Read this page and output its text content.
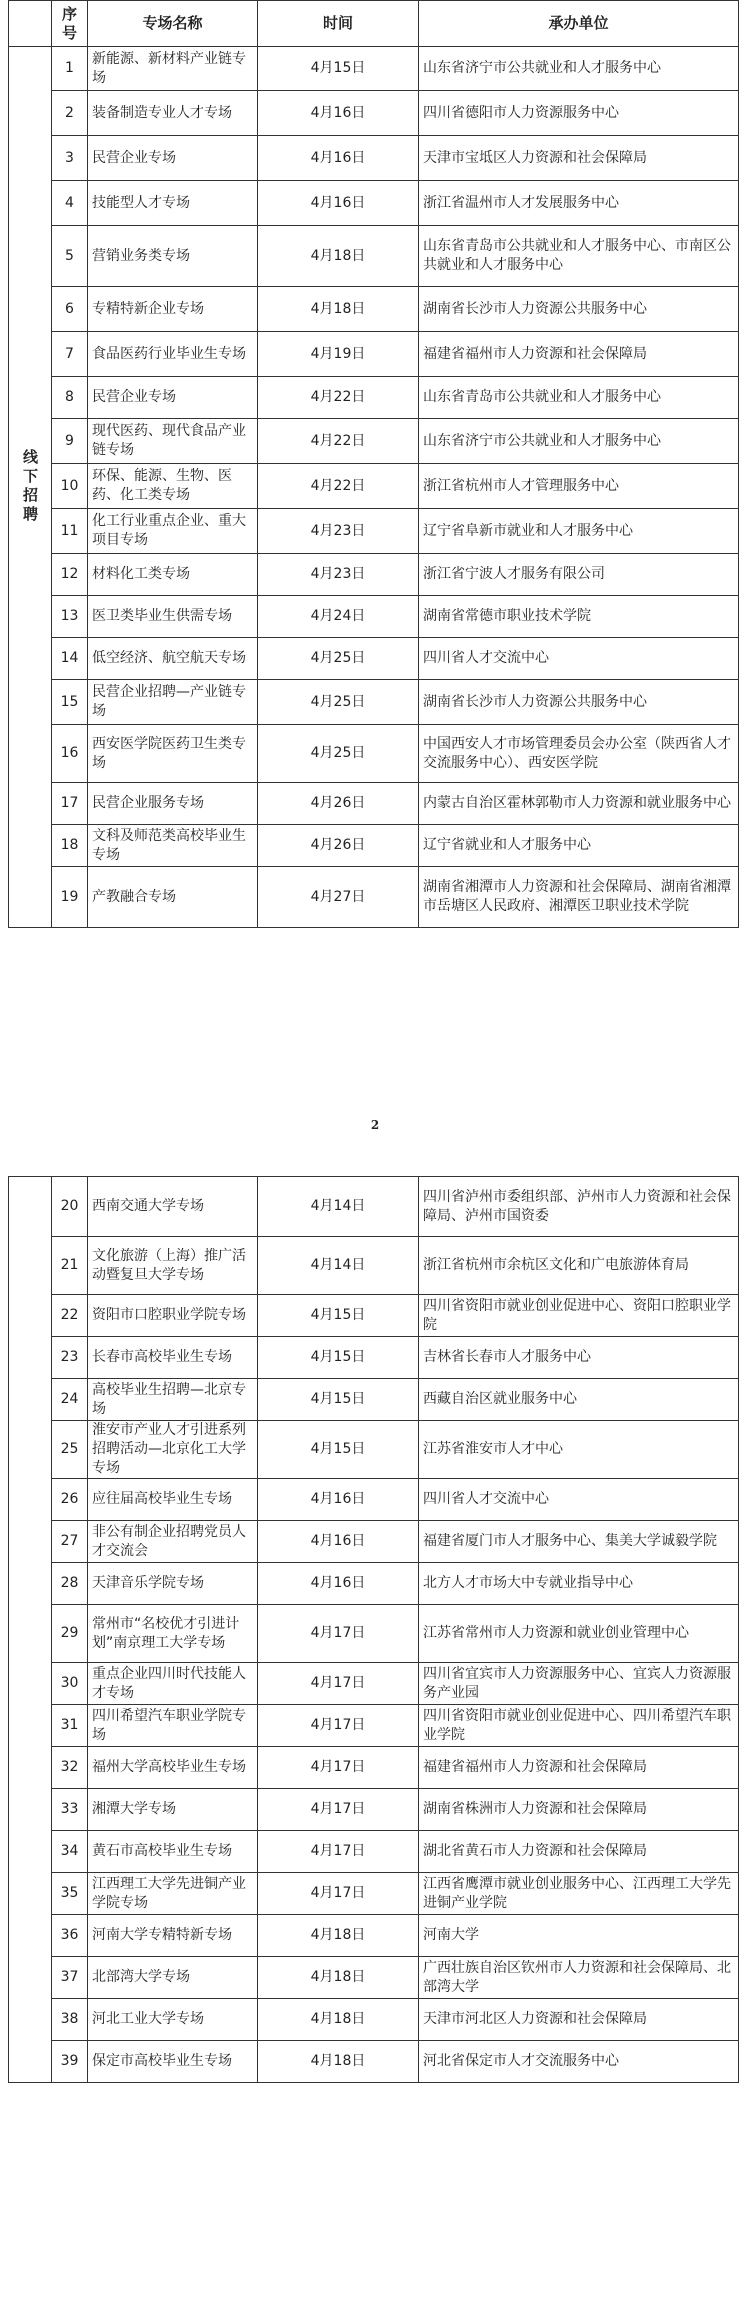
	序号	专场名称	时间	承办单位
线下招聘	1	新能源、新材料产业链专场	4月15日	山东省济宁市公共就业和人才服务中心
	2	装备制造专业人才专场	4月16日	四川省德阳市人力资源服务中心
	3	民营企业专场	4月16日	天津市宝坻区人力资源和社会保障局
	4	技能型人才专场	4月16日	浙江省温州市人才发展服务中心
	5	营销业务类专场	4月18日	山东省青岛市公共就业和人才服务中心、市南区公共就业和人才服务中心
	6	专精特新企业专场	4月18日	湖南省长沙市人力资源公共服务中心
	7	食品医药行业毕业生专场	4月19日	福建省福州市人力资源和社会保障局
	8	民营企业专场	4月22日	山东省青岛市公共就业和人才服务中心
	9	现代医药、现代食品产业链专场	4月22日	山东省济宁市公共就业和人才服务中心
	10	环保、能源、生物、医药、化工类专场	4月22日	浙江省杭州市人才管理服务中心
	11	化工行业重点企业、重大项目专场	4月23日	辽宁省阜新市就业和人才服务中心
	12	材料化工类专场	4月23日	浙江省宁波人才服务有限公司
	13	医卫类毕业生供需专场	4月24日	湖南省常德市职业技术学院
	14	低空经济、航空航天专场	4月25日	四川省人才交流中心
	15	民营企业招聘—产业链专场	4月25日	湖南省长沙市人力资源公共服务中心
	16	西安医学院医药卫生类专场	4月25日	中国西安人才市场管理委员会办公室（陕西省人才交流服务中心）、西安医学院
	17	民营企业服务专场	4月26日	内蒙古自治区霍林郭勒市人力资源和就业服务中心
	18	文科及师范类高校毕业生专场	4月26日	辽宁省就业和人才服务中心
	19	产教融合专场	4月27日	湖南省湘潭市人力资源和社会保障局、湖南省湘潭市岳塘区人民政府、湘潭医卫职业技术学院
2
	20	西南交通大学专场	4月14日	四川省泸州市委组织部、泸州市人力资源和社会保障局、泸州市国资委
	21	文化旅游（上海）推广活动暨复旦大学专场	4月14日	浙江省杭州市余杭区文化和广电旅游体育局
	22	资阳市口腔职业学院专场	4月15日	四川省资阳市就业创业促进中心、资阳口腔职业学院
	23	长春市高校毕业生专场	4月15日	吉林省长春市人才服务中心
	24	高校毕业生招聘—北京专场	4月15日	西藏自治区就业服务中心
	25	淮安市产业人才引进系列招聘活动—北京化工大学专场	4月15日	江苏省淮安市人才中心
	26	应往届高校毕业生专场	4月16日	四川省人才交流中心
	27	非公有制企业招聘党员人才交流会	4月16日	福建省厦门市人才服务中心、集美大学诚毅学院
	28	天津音乐学院专场	4月16日	北方人才市场大中专就业指导中心
	29	常州市“名校优才引进计划”南京理工大学专场	4月17日	江苏省常州市人力资源和就业创业管理中心
	30	重点企业四川时代技能人才专场	4月17日	四川省宜宾市人力资源服务中心、宜宾人力资源服务产业园
	31	四川希望汽车职业学院专场	4月17日	四川省资阳市就业创业促进中心、四川希望汽车职业学院
	32	福州大学高校毕业生专场	4月17日	福建省福州市人力资源和社会保障局
	33	湘潭大学专场	4月17日	湖南省株洲市人力资源和社会保障局
	34	黄石市高校毕业生专场	4月17日	湖北省黄石市人力资源和社会保障局
	35	江西理工大学先进铜产业学院专场	4月17日	江西省鹰潭市就业创业服务中心、江西理工大学先进铜产业学院
	36	河南大学专精特新专场	4月18日	河南大学
	37	北部湾大学专场	4月18日	广西壮族自治区钦州市人力资源和社会保障局、北部湾大学
	38	河北工业大学专场	4月18日	天津市河北区人力资源和社会保障局
	39	保定市高校毕业生专场	4月18日	河北省保定市人才交流服务中心
